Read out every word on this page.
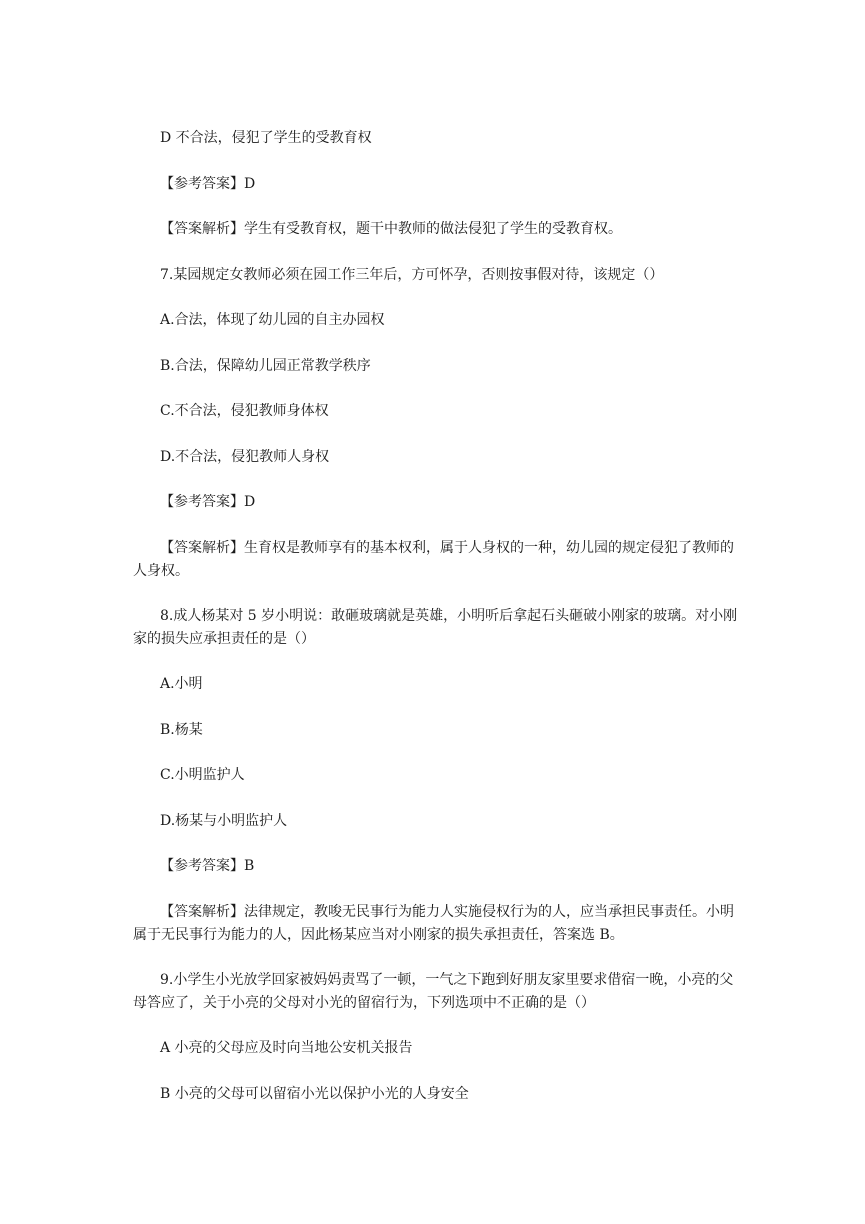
D 不合法，侵犯了学生的受教育权

【参考答案】D

【答案解析】学生有受教育权，题干中教师的做法侵犯了学生的受教育权。

7.某园规定女教师必须在园工作三年后，方可怀孕，否则按事假对待，该规定（）

A.合法，体现了幼儿园的自主办园权

B.合法，保障幼儿园正常教学秩序

C.不合法，侵犯教师身体权

D.不合法，侵犯教师人身权

【参考答案】D

【答案解析】生育权是教师享有的基本权利，属于人身权的一种，幼儿园的规定侵犯了教师的人身权。

8.成人杨某对 5 岁小明说：敢砸玻璃就是英雄，小明听后拿起石头砸破小刚家的玻璃。对小刚家的损失应承担责任的是（）

A.小明

B.杨某

C.小明监护人

D.杨某与小明监护人

【参考答案】B

【答案解析】法律规定，教唆无民事行为能力人实施侵权行为的人，应当承担民事责任。小明属于无民事行为能力的人，因此杨某应当对小刚家的损失承担责任，答案选 B。

9.小学生小光放学回家被妈妈责骂了一顿，一气之下跑到好朋友家里要求借宿一晚，小亮的父母答应了，关于小亮的父母对小光的留宿行为，下列选项中不正确的是（）

A 小亮的父母应及时向当地公安机关报告

B 小亮的父母可以留宿小光以保护小光的人身安全
